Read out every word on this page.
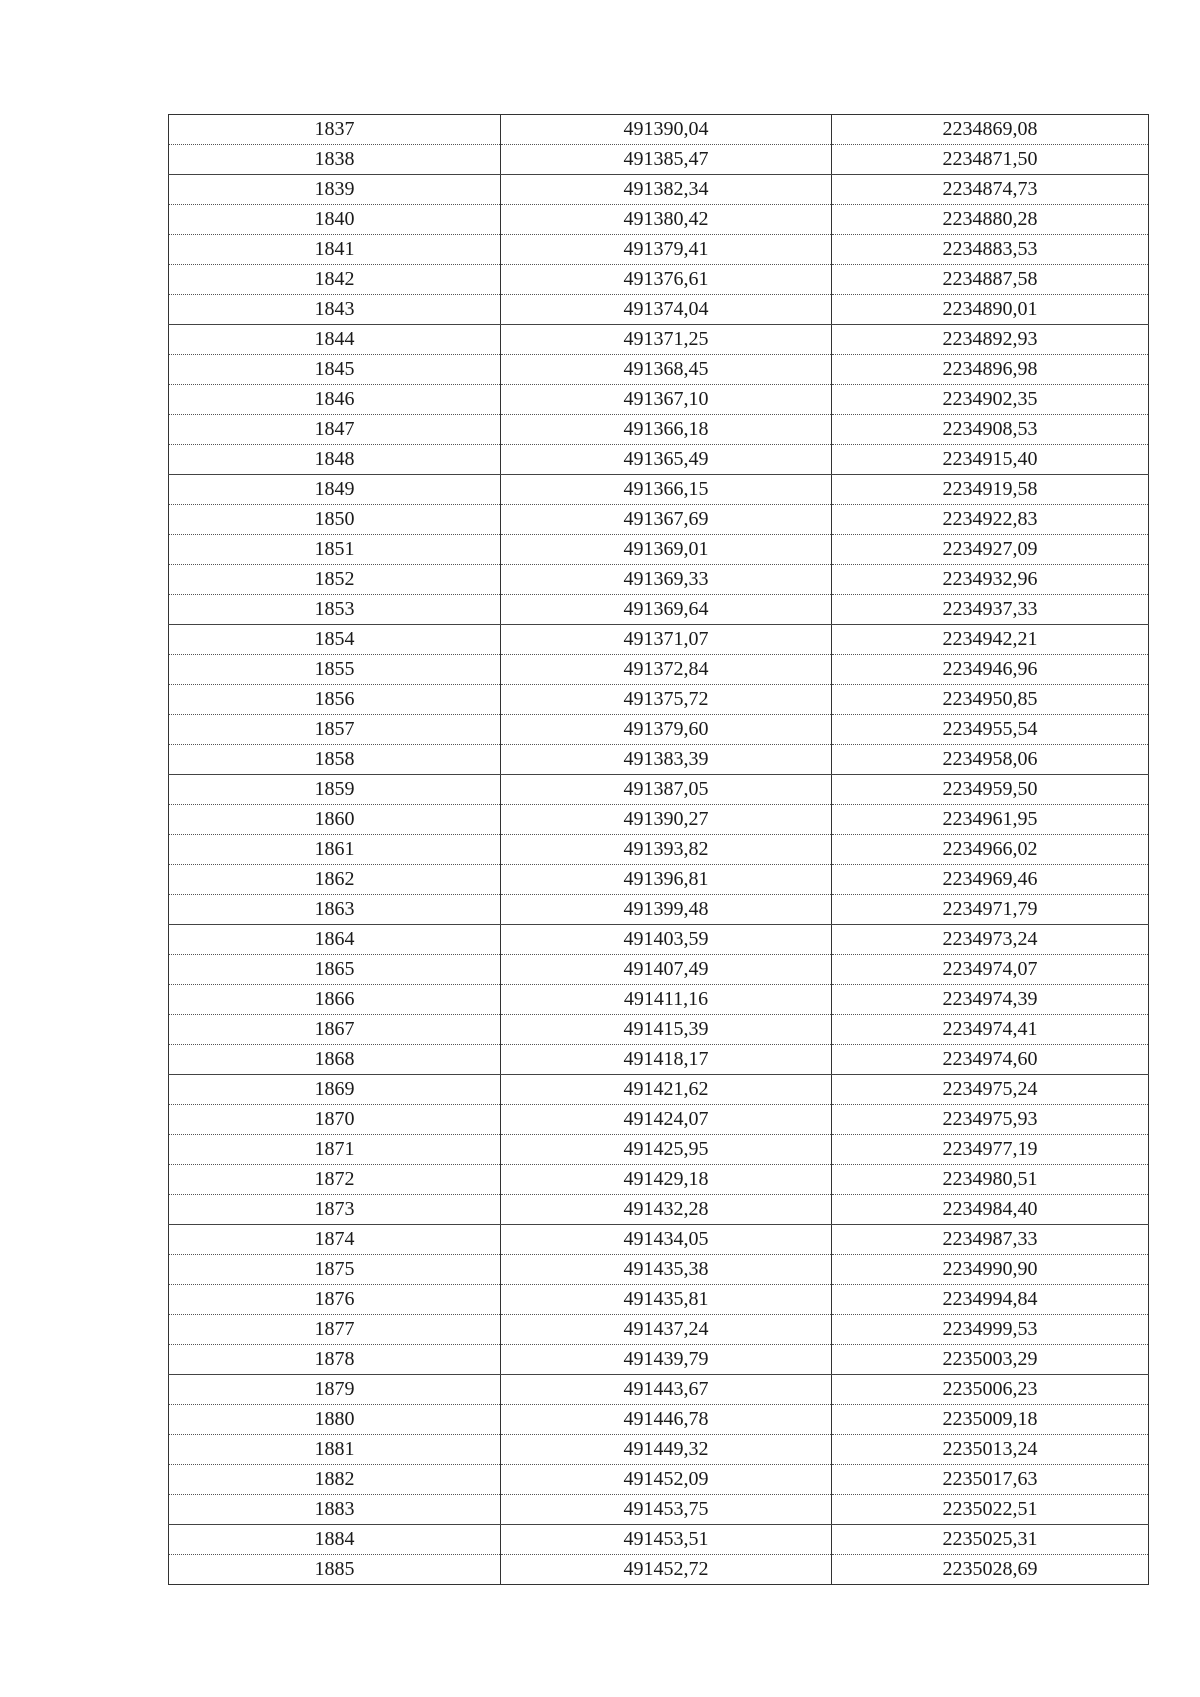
1837	491390,04	2234869,08
1838	491385,47	2234871,50
1839	491382,34	2234874,73
1840	491380,42	2234880,28
1841	491379,41	2234883,53
1842	491376,61	2234887,58
1843	491374,04	2234890,01
1844	491371,25	2234892,93
1845	491368,45	2234896,98
1846	491367,10	2234902,35
1847	491366,18	2234908,53
1848	491365,49	2234915,40
1849	491366,15	2234919,58
1850	491367,69	2234922,83
1851	491369,01	2234927,09
1852	491369,33	2234932,96
1853	491369,64	2234937,33
1854	491371,07	2234942,21
1855	491372,84	2234946,96
1856	491375,72	2234950,85
1857	491379,60	2234955,54
1858	491383,39	2234958,06
1859	491387,05	2234959,50
1860	491390,27	2234961,95
1861	491393,82	2234966,02
1862	491396,81	2234969,46
1863	491399,48	2234971,79
1864	491403,59	2234973,24
1865	491407,49	2234974,07
1866	491411,16	2234974,39
1867	491415,39	2234974,41
1868	491418,17	2234974,60
1869	491421,62	2234975,24
1870	491424,07	2234975,93
1871	491425,95	2234977,19
1872	491429,18	2234980,51
1873	491432,28	2234984,40
1874	491434,05	2234987,33
1875	491435,38	2234990,90
1876	491435,81	2234994,84
1877	491437,24	2234999,53
1878	491439,79	2235003,29
1879	491443,67	2235006,23
1880	491446,78	2235009,18
1881	491449,32	2235013,24
1882	491452,09	2235017,63
1883	491453,75	2235022,51
1884	491453,51	2235025,31
1885	491452,72	2235028,69
